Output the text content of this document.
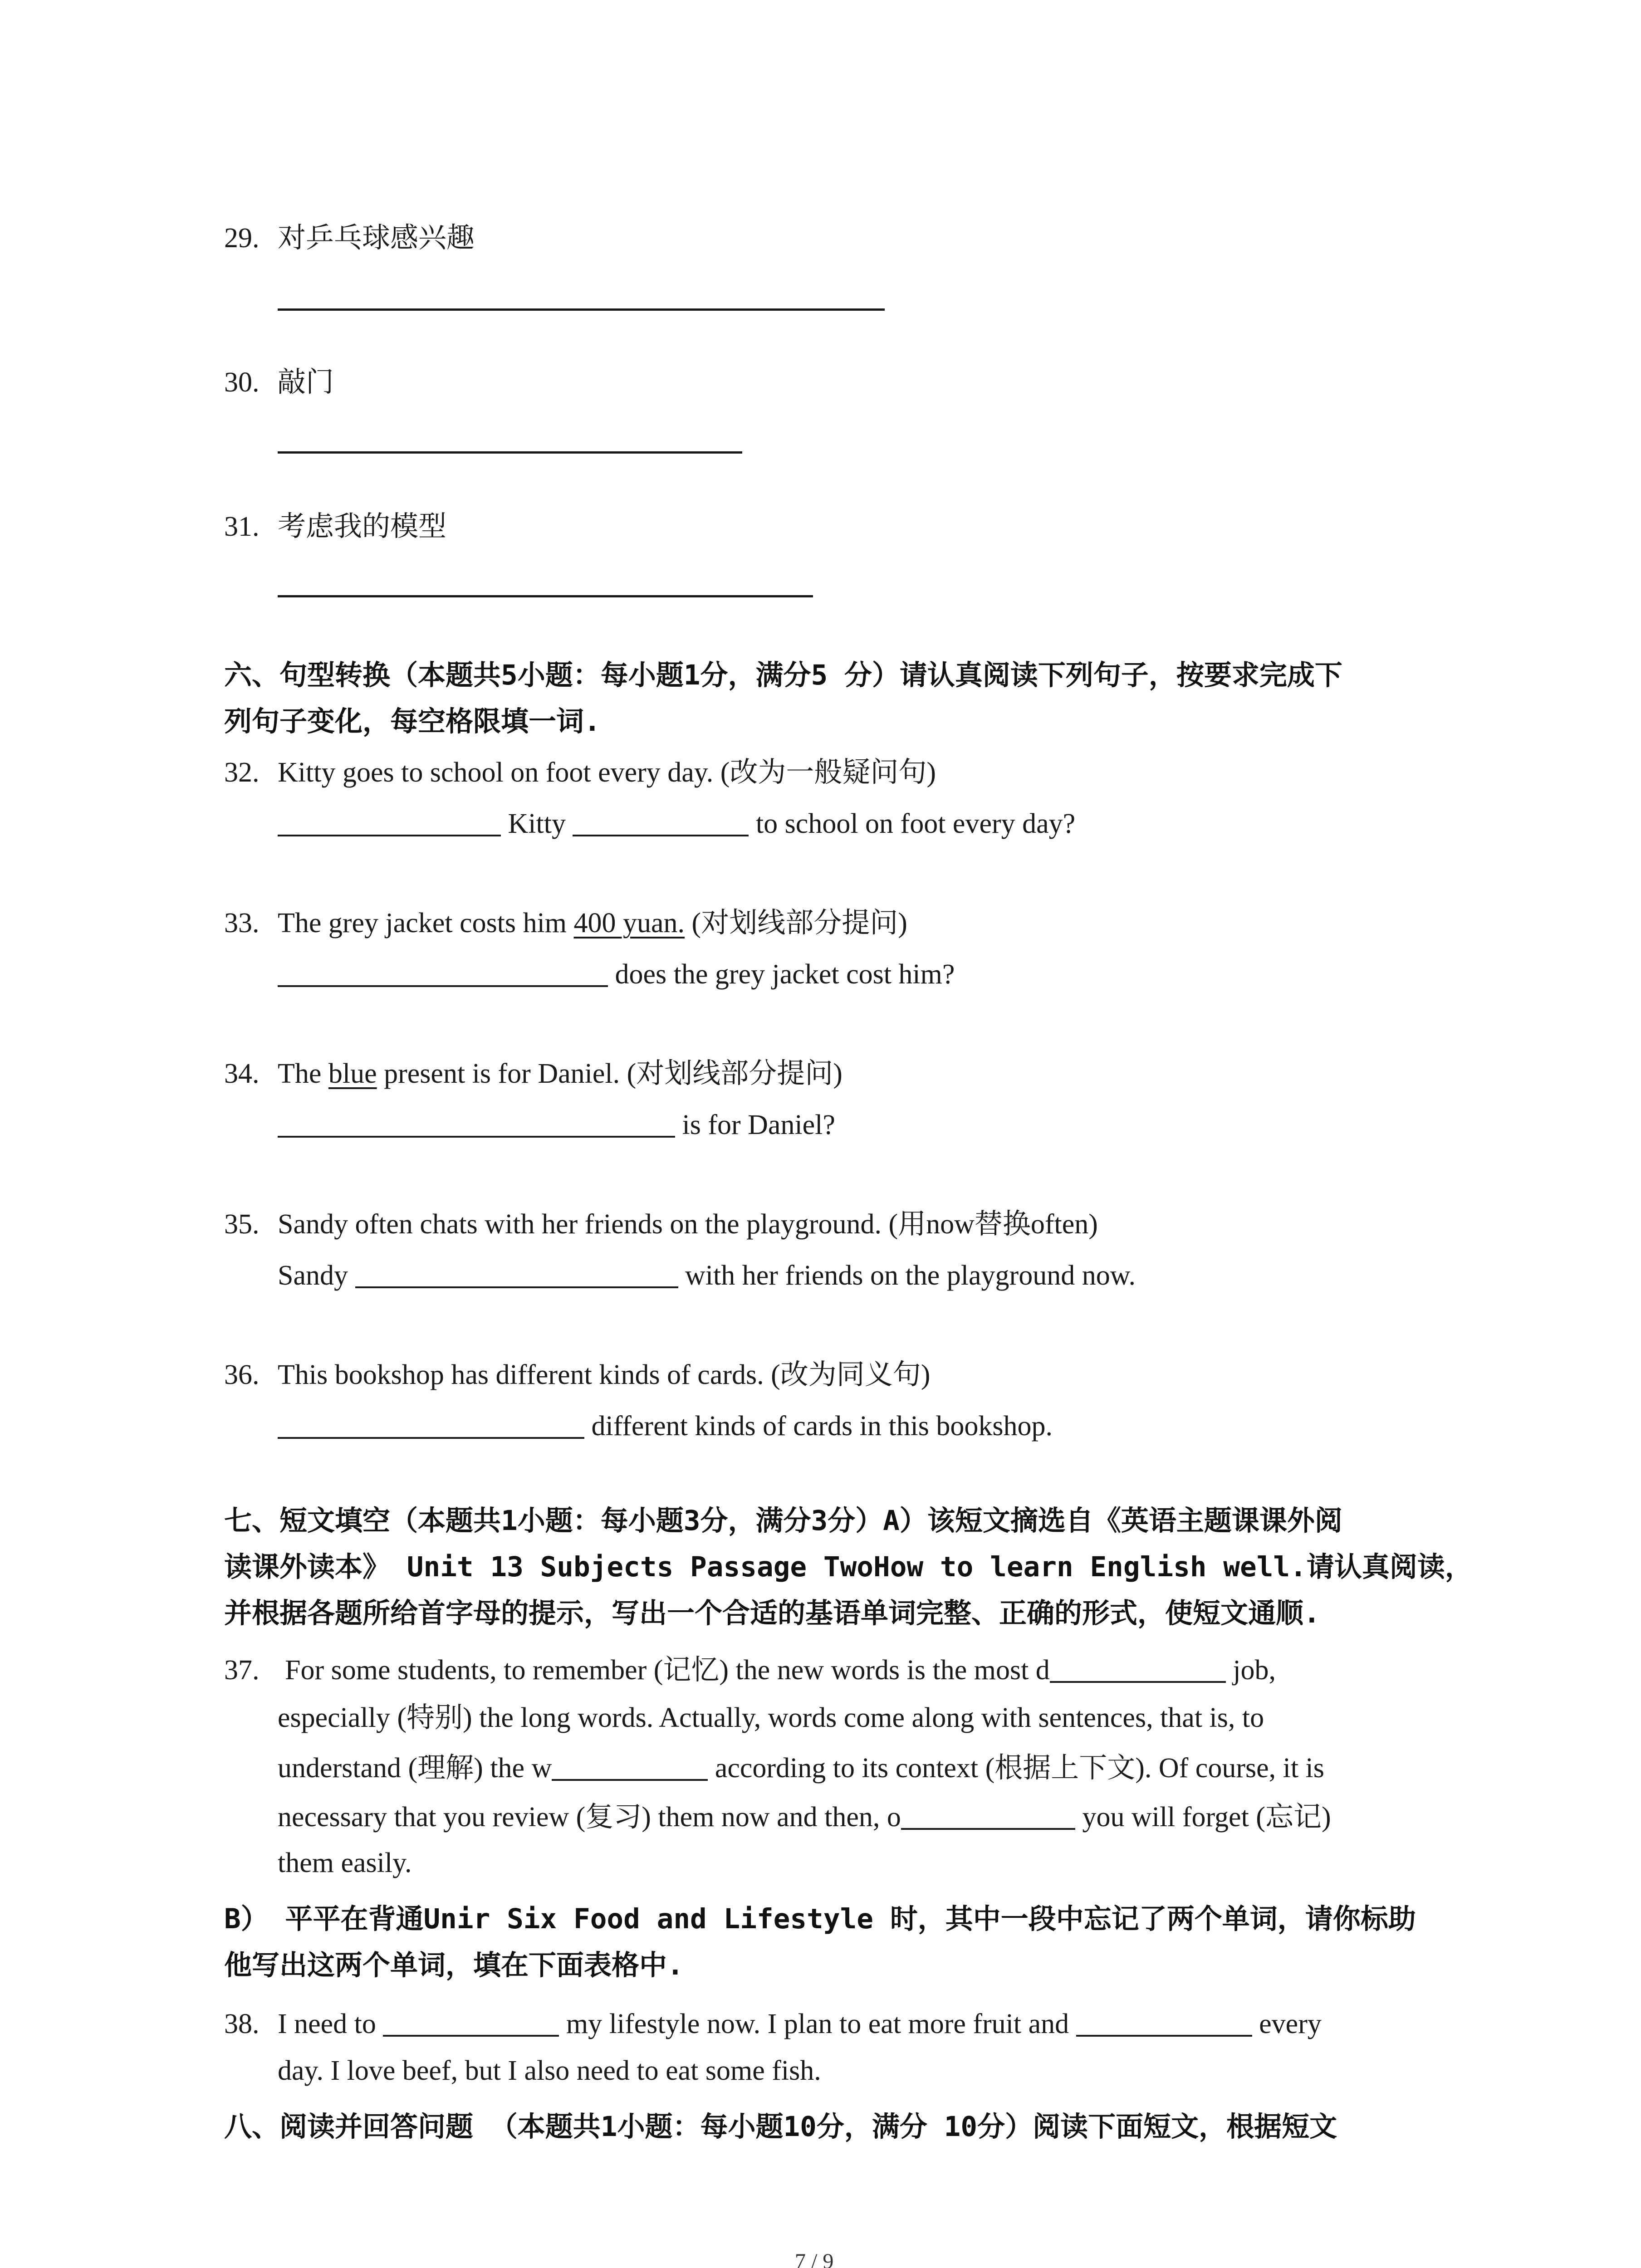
29. 对乒乓球感兴趣
30. 敲门
31. 考虑我的模型
六、句型转换（本题共5小题：每小题1分，满分5 分）请认真阅读下列句子，按要求完成下
列句子变化，每空格限填一词.
32. Kitty goes to school on foot every day. (改为一般疑问句)
Kitty	to school on foot every day?
33. The grey jacket costs him 400 yuan. (对划线部分提问)
does the grey jacket cost him?
34. The blue present is for Daniel. (对划线部分提问)
is for Daniel?
35. Sandy often chats with her friends on the playground. (用now替换often)
Sandy	with her friends on the playground now.
36. This bookshop has different kinds of cards. (改为同义句)
different kinds of cards in this bookshop.
七、短文填空（本题共1小题：每小题3分，满分3分）A）该短文摘选自《英语主题课课外阅
读课外读本》 Unit 13 Subjects Passage TwoHow to learn English well.请认真阅读，
并根据各题所给首字母的提示，写出一个合适的基语单词完整、正确的形式，使短文通顺.
37. For some students, to remember (记忆) the new words is the most d	job,
especially (特别) the long words. Actually, words come along with sentences, that is, to
understand (理解) the w	according to its context (根据上下文). Of course, it is
necessary that you review (复习) them now and then, o	you will forget (忘记)
them easily.
B） 平平在背通Unir Six Food and Lifestyle 时，其中一段中忘记了两个单词，请你标助
他写出这两个单词，填在下面表格中.
38. I need to	my lifestyle now. I plan to eat more fruit and	every
day. I love beef, but I also need to eat some fish.
八、阅读并回答问题 （本题共1小题：每小题10分，满分 10分）阅读下面短文，根据短文
7 / 9
